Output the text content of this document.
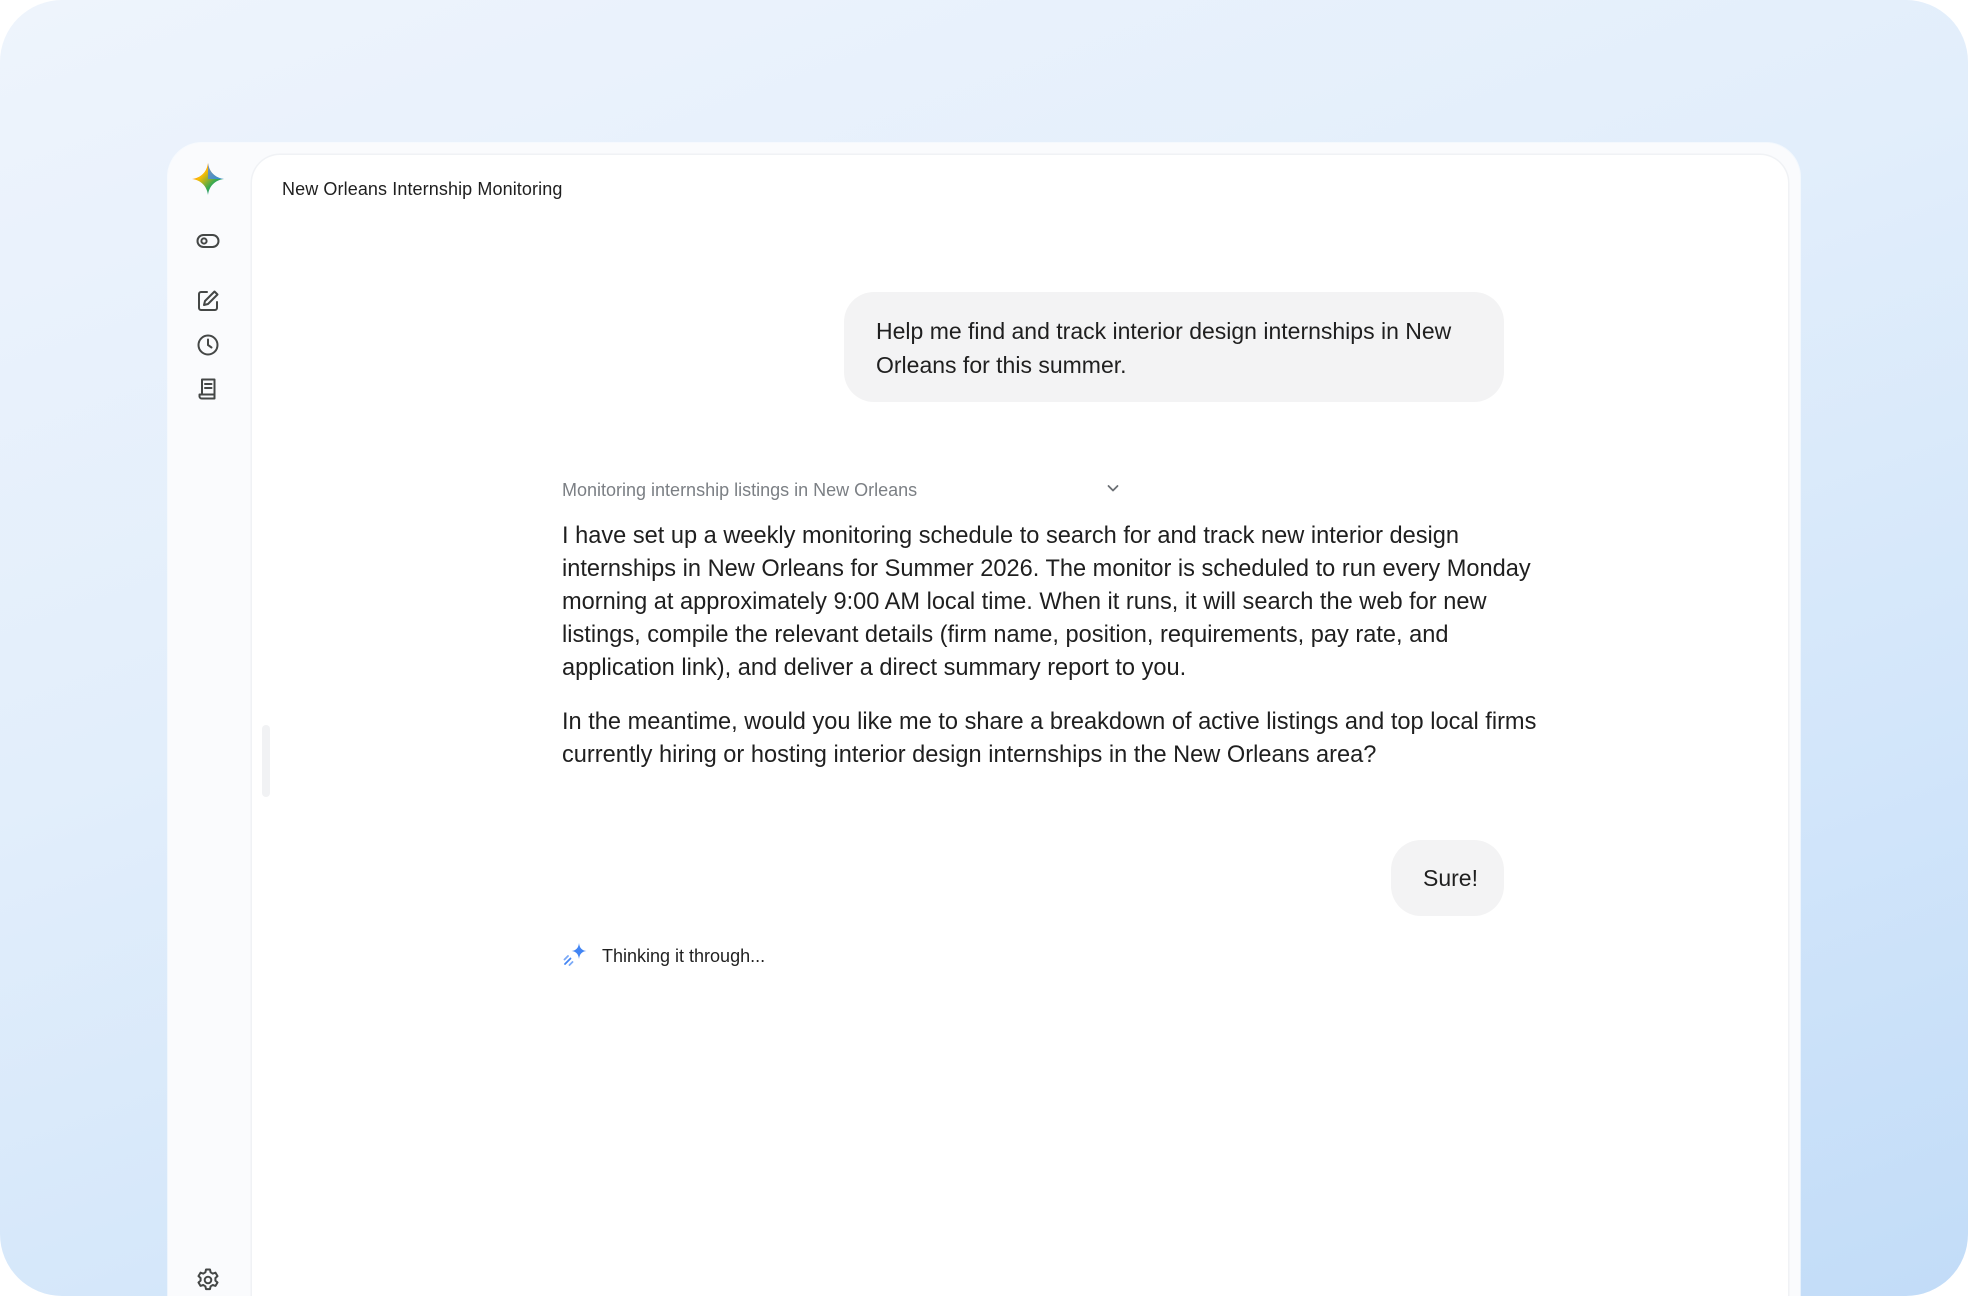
New Orleans Internship Monitoring
Help me find and track interior design internships in New Orleans for this summer.
Monitoring internship listings in New Orleans

I have set up a weekly monitoring schedule to search for and track new interior design internships in New Orleans for Summer 2026. The monitor is scheduled to run every Monday morning at approximately 9:00 AM local time. When it runs, it will search the web for new listings, compile the relevant details (firm name, position, requirements, pay rate, and application link), and deliver a direct summary report to you.

In the meantime, would you like me to share a breakdown of active listings and top local firms currently hiring or hosting interior design internships in the New Orleans area?

Sure!
Thinking it through...
